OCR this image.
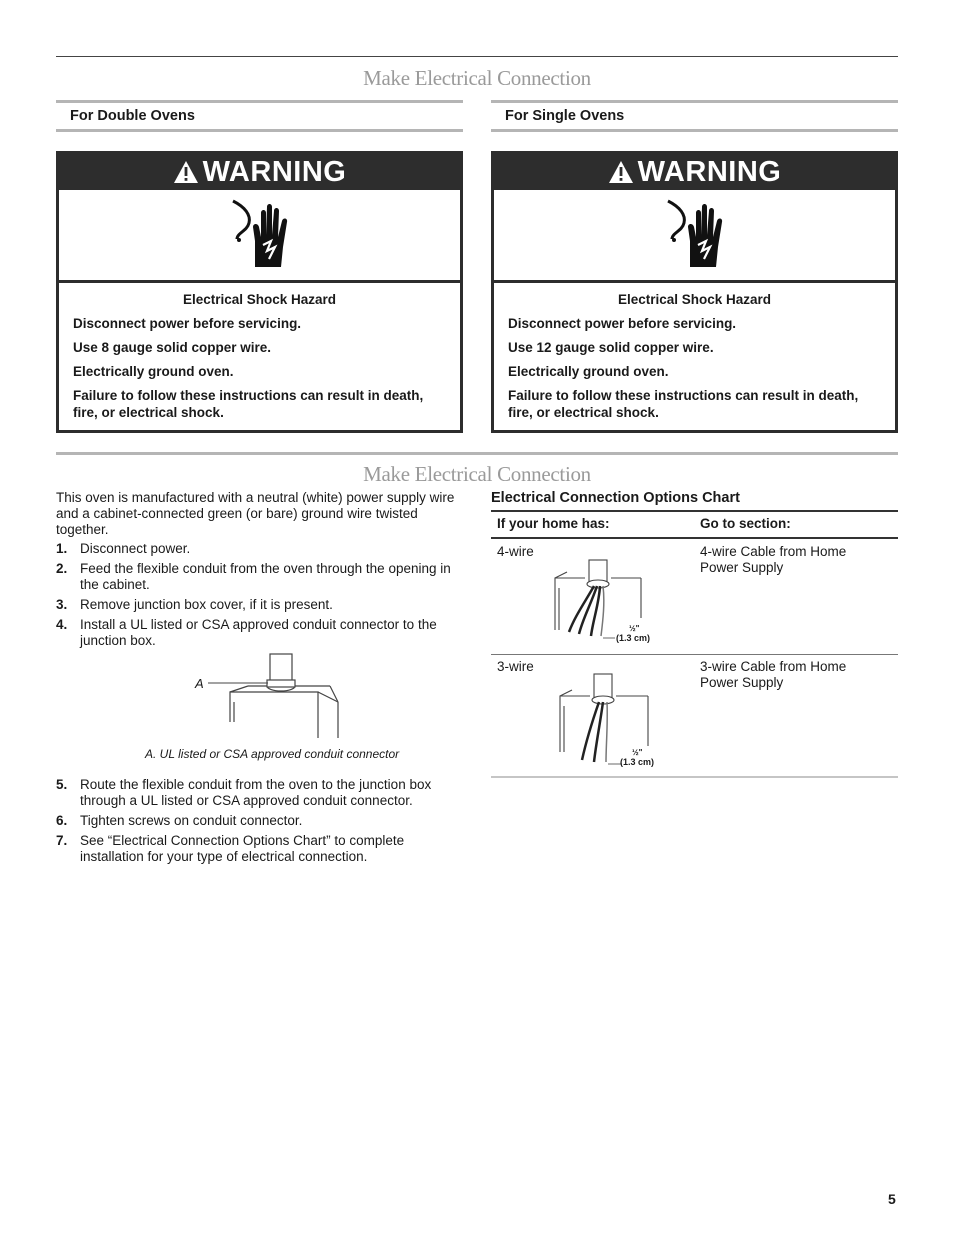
Make Electrical Connection
For Double Ovens
WARNING

Electrical Shock Hazard

Disconnect power before servicing.

Use 8 gauge solid copper wire.

Electrically ground oven.

Failure to follow these instructions can result in death, fire, or electrical shock.

For Single Ovens
WARNING

Electrical Shock Hazard

Disconnect power before servicing.

Use 12 gauge solid copper wire.

Electrically ground oven.

Failure to follow these instructions can result in death, fire, or electrical shock.

Make Electrical Connection
This oven is manufactured with a neutral (white) power supply wire and a cabinet-connected green (or bare) ground wire twisted together.
1. Disconnect power.
2. Feed the flexible conduit from the oven through the opening in the cabinet.
3. Remove junction box cover, if it is present.
4. Install a UL listed or CSA approved conduit connector to the junction box.
A
A. UL listed or CSA approved conduit connector
5. Route the flexible conduit from the oven to the junction box through a UL listed or CSA approved conduit connector.
6. Tighten screws on conduit connector.
7. See “Electrical Connection Options Chart” to complete installation for your type of electrical connection.
Electrical Connection Options Chart
If your home has:	Go to section:
4-wire	4-wire Cable from Home Power Supply
½"
(1.3 cm)
3-wire	3-wire Cable from Home Power Supply
½"
(1.3 cm)
5
